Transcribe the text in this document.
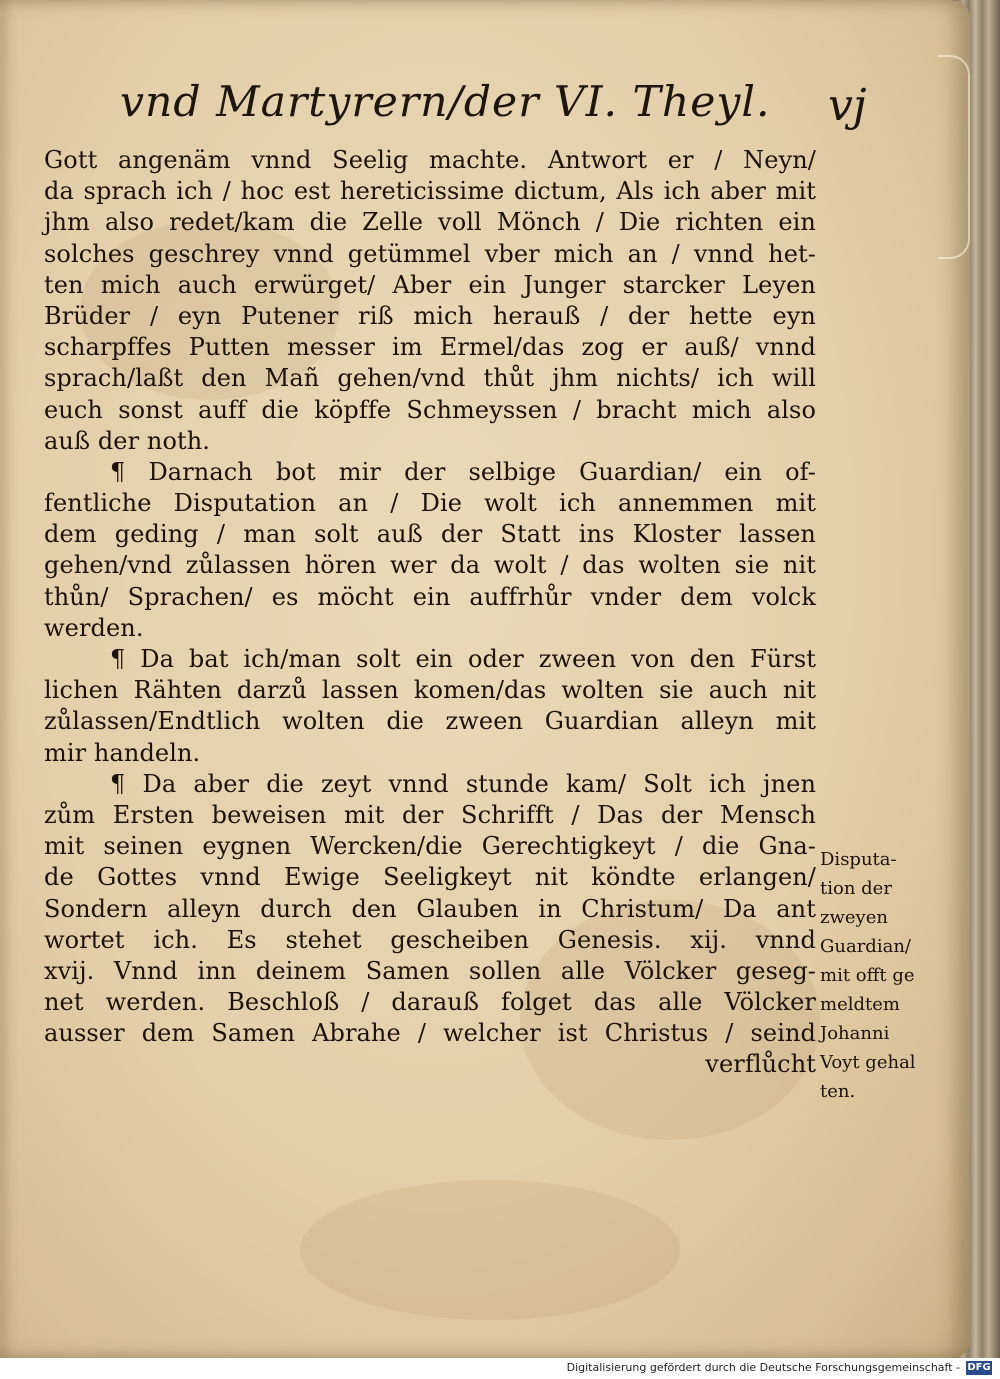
vnd Martyrern/der VI. Theyl. vj
Gott angenäm vnnd Seelig machte. Antwort er / Neyn/
da sprach ich / hoc est hereticissime dictum, Als ich aber mit
jhm also redet/kam die Zelle voll Mönch / Die richten ein
solches geschrey vnnd getümmel vber mich an / vnnd het-
ten mich auch erwürget/ Aber ein Junger starcker Leyen
Brüder / eyn Putener riß mich herauß / der hette eyn
scharpffes Putten messer im Ermel/das zog er auß/ vnnd
sprach/laßt den Mañ gehen/vnd thůt jhm nichts/ ich will
euch sonst auff die köpffe Schmeyssen / bracht mich also
auß der noth.
¶ Darnach bot mir der selbige Guardian/ ein of-
fentliche Disputation an / Die wolt ich annemmen mit
dem geding / man solt auß der Statt ins Kloster lassen
gehen/vnd zůlassen hören wer da wolt / das wolten sie nit
thůn/ Sprachen/ es möcht ein auffrhůr vnder dem volck
werden.
¶ Da bat ich/man solt ein oder zween von den Fürst
lichen Rähten darzů lassen komen/das wolten sie auch nit
zůlassen/Endtlich wolten die zween Guardian alleyn mit
mir handeln.
¶ Da aber die zeyt vnnd stunde kam/ Solt ich jnen
zům Ersten beweisen mit der Schrifft / Das der Mensch
mit seinen eygnen Wercken/die Gerechtigkeyt / die Gna-
de Gottes vnnd Ewige Seeligkeyt nit köndte erlangen/
Sondern alleyn durch den Glauben in Christum/ Da ant
wortet ich. Es stehet gescheiben Genesis. xij. vnnd
xvij. Vnnd inn deinem Samen sollen alle Völcker geseg-
net werden. Beschloß / darauß folget das alle Völcker
ausser dem Samen Abrahe / welcher ist Christus / seind
verflůcht
Disputa-
tion der
zweyen
Guardian/
mit offt ge
meldtem
Johanni
Voyt gehal
ten.
Digitalisierung gefördert durch die Deutsche Forschungsgemeinschaft - DFG
